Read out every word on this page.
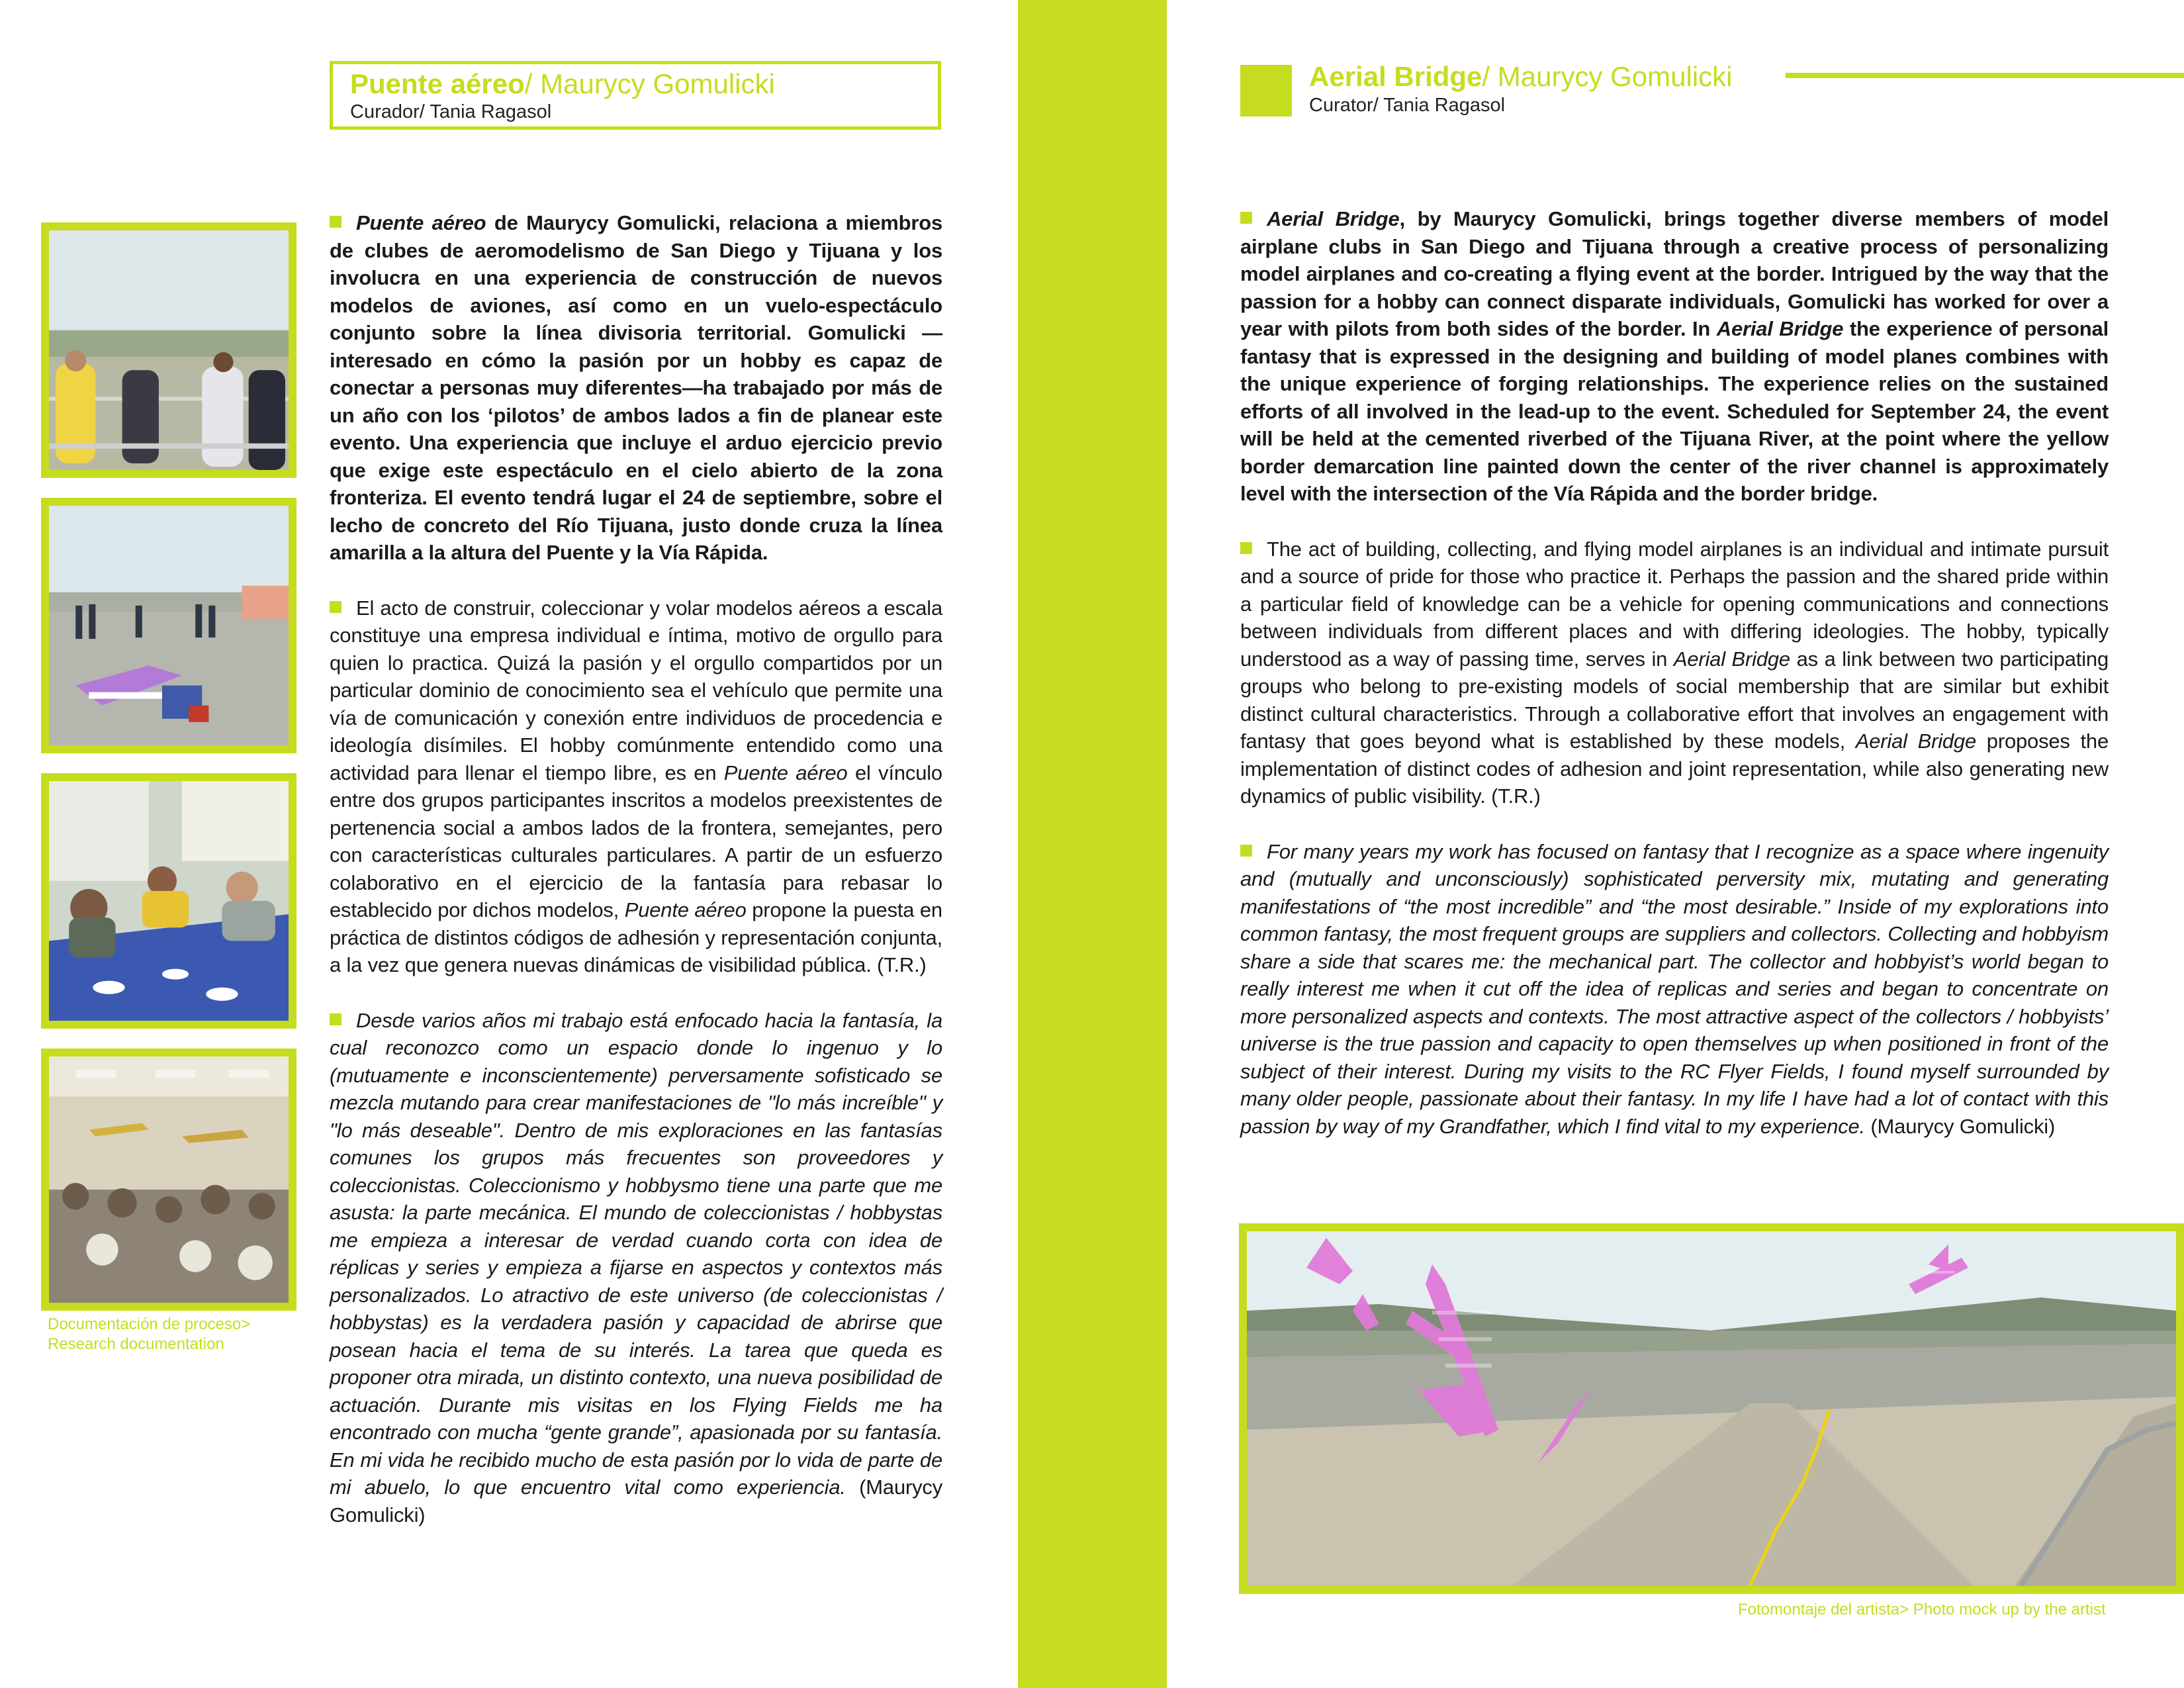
Puente aéreo/ Maurycy Gomulicki
Curador/ Tania Ragasol
Aerial Bridge/ Maurycy Gomulicki
Curator/ Tania Ragasol
Documentación de proceso> Research documentation

Puente aéreo de Maurycy Gomulicki, relaciona a miembros de clubes de aeromodelismo de San Diego y Tijuana y los involucra en una experiencia de construcción de nuevos modelos de aviones, así como en un vuelo-espectáculo conjunto sobre la línea divisoria territorial. Gomulicki —interesado en cómo la pasión por un hobby es capaz de conectar a personas muy diferentes—ha trabajado por más de un año con los ‘pilotos’ de ambos lados a fin de planear este evento. Una experiencia que incluye el arduo ejercicio previo que exige este espectáculo en el cielo abierto de la zona fronteriza. El evento tendrá lugar el 24 de septiembre, sobre el lecho de concreto del Río Tijuana, justo donde cruza la línea amarilla a la altura del Puente y la Vía Rápida.

El acto de construir, coleccionar y volar modelos aéreos a escala constituye una empresa individual e íntima, motivo de orgullo para quien lo practica. Quizá la pasión y el orgullo compartidos por un particular dominio de conocimiento sea el vehículo que permite una vía de comunicación y conexión entre individuos de procedencia e ideología disímiles. El hobby comúnmente entendido como una actividad para llenar el tiempo libre, es en Puente aéreo el vínculo entre dos grupos participantes inscritos a modelos preexistentes de pertenencia social a ambos lados de la frontera, semejantes, pero con características culturales particulares. A partir de un esfuerzo colaborativo en el ejercicio de la fantasía para rebasar lo establecido por dichos modelos, Puente aéreo propone la puesta en práctica de distintos códigos de adhesión y representación conjunta, a la vez que genera nuevas dinámicas de visibilidad pública. (T.R.)

Desde varios años mi trabajo está enfocado hacia la fantasía, la cual reconozco como un espacio donde lo ingenuo y lo (mutuamente e inconscientemente) perversamente sofisticado se mezcla mutando para crear manifestaciones de "lo más increíble" y "lo más deseable". Dentro de mis exploraciones en las fantasías comunes los grupos más frecuentes son proveedores y coleccionistas. Coleccionismo y hobbysmo tiene una parte que me asusta: la parte mecánica. El mundo de coleccionistas / hobbystas me empieza a interesar de verdad cuando corta con idea de réplicas y series y empieza a fijarse en aspectos y contextos más personalizados. Lo atractivo de este universo (de coleccionistas / hobbystas) es la verdadera pasión y capacidad de abrirse que posean hacia el tema de su interés. La tarea que queda es proponer otra mirada, un distinto contexto, una nueva posibilidad de actuación. Durante mis visitas en los Flying Fields me ha encontrado con mucha “gente grande”, apasionada por su fantasía. En mi vida he recibido mucho de esta pasión por lo vida de parte de mi abuelo, lo que encuentro vital como experiencia. (Maurycy Gomulicki)

Aerial Bridge, by Maurycy Gomulicki, brings together diverse members of model airplane clubs in San Diego and Tijuana through a creative process of personalizing model airplanes and co-creating a flying event at the border. Intrigued by the way that the passion for a hobby can connect disparate individuals, Gomulicki has worked for over a year with pilots from both sides of the border. In Aerial Bridge the experience of personal fantasy that is expressed in the designing and building of model planes combines with the unique experience of forging relationships. The experience relies on the sustained efforts of all involved in the lead-up to the event. Scheduled for September 24, the event will be held at the cemented riverbed of the Tijuana River, at the point where the yellow border demarcation line painted down the center of the river channel is approximately level with the intersection of the Vía Rápida and the border bridge.

The act of building, collecting, and flying model airplanes is an individual and intimate pursuit and a source of pride for those who practice it. Perhaps the passion and the shared pride within a particular field of knowledge can be a vehicle for opening communications and connections between individuals from different places and with differing ideologies. The hobby, typically understood as a way of passing time, serves in Aerial Bridge as a link between two participating groups who belong to pre-existing models of social membership that are similar but exhibit distinct cultural characteristics. Through a collaborative effort that involves an engagement with fantasy that goes beyond what is established by these models, Aerial Bridge proposes the implementation of distinct codes of adhesion and joint representation, while also generating new dynamics of public visibility. (T.R.)

For many years my work has focused on fantasy that I recognize as a space where ingenuity and (mutually and unconsciously) sophisticated perversity mix, mutating and generating manifestations of “the most incredible” and “the most desirable.” Inside of my explorations into common fantasy, the most frequent groups are suppliers and collectors. Collecting and hobbyism share a side that scares me: the mechanical part. The collector and hobbyist’s world began to really interest me when it cut off the idea of replicas and series and began to concentrate on more personalized aspects and contexts. The most attractive aspect of the collectors / hobbyists’ universe is the true passion and capacity to open themselves up when positioned in front of the subject of their interest. During my visits to the RC Flyer Fields, I found myself surrounded by many older people, passionate about their fantasy. In my life I have had a lot of contact with this passion by way of my Grandfather, which I find vital to my experience. (Maurycy Gomulicki)

Fotomontaje del artista> Photo mock up by the artist
